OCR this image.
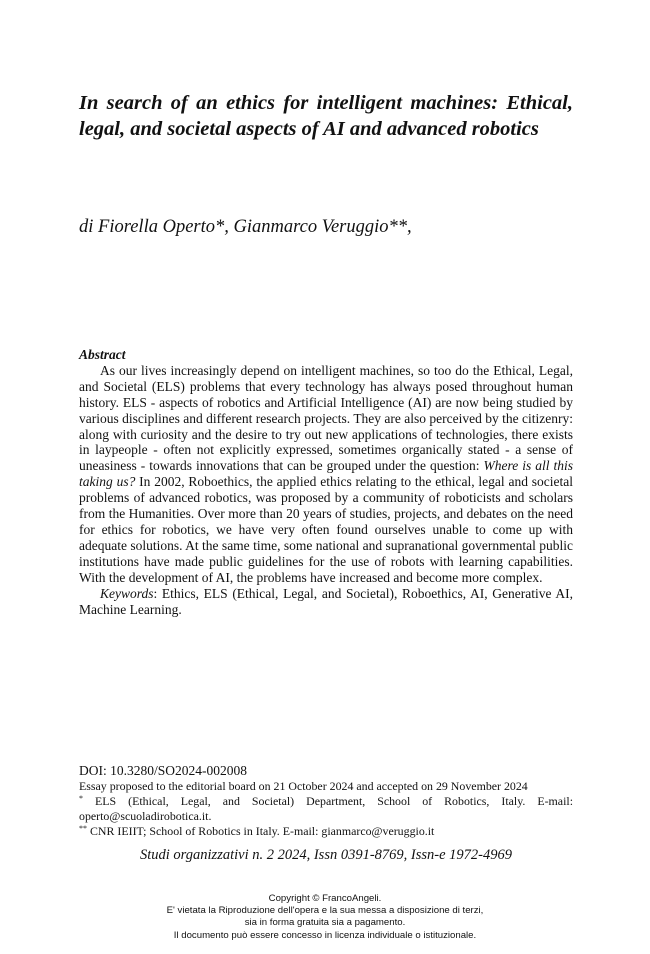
In search of an ethics for intelligent machines: Ethical, legal, and societal aspects of AI and advanced robotics
di Fiorella Operto*, Gianmarco Veruggio**,
Abstract

As our lives increasingly depend on intelligent machines, so too do the Ethical, Legal, and Societal (ELS) problems that every technology has always posed throughout human history. ELS - aspects of robotics and Artificial Intelligence (AI) are now being studied by various disciplines and different research projects. They are also perceived by the citizenry: along with curiosity and the desire to try out new applications of technologies, there exists in laypeople - often not explicitly expressed, sometimes organically stated - a sense of uneasiness - towards innovations that can be grouped under the question: Where is all this taking us? In 2002, Roboethics, the applied ethics relating to the ethical, legal and societal problems of advanced robotics, was proposed by a community of roboticists and scholars from the Humanities. Over more than 20 years of studies, projects, and debates on the need for ethics for robotics, we have very often found ourselves unable to come up with adequate solutions. At the same time, some national and supranational governmental public institutions have made public guidelines for the use of robots with learning capabilities. With the development of AI, the problems have increased and become more complex.

Keywords: Ethics, ELS (Ethical, Legal, and Societal), Roboethics, AI, Generative AI, Machine Learning.

DOI: 10.3280/SO2024-002008
Essay proposed to the editorial board on 21 October 2024 and accepted on 29 November 2024
* ELS (Ethical, Legal, and Societal) Department, School of Robotics, Italy. E-mail: operto@scuoladirobotica.it.
** CNR IEIIT; School of Robotics in Italy. E-mail: gianmarco@veruggio.it
Studi organizzativi n. 2 2024, Issn 0391-8769, Issn-e 1972-4969
Copyright © FrancoAngeli.
E' vietata la Riproduzione dell'opera e la sua messa a disposizione di terzi,
sia in forma gratuita sia a pagamento.
Il documento può essere concesso in licenza individuale o istituzionale.
